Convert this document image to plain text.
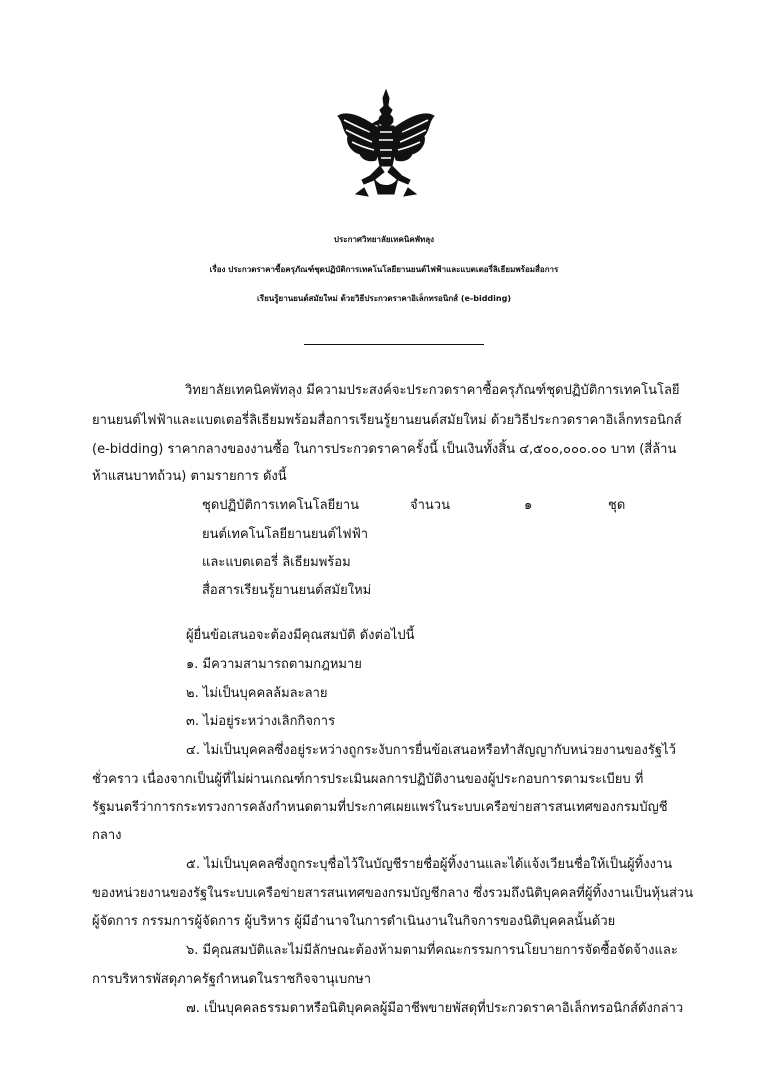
ประกาศวิทยาลัยเทคนิคพัทลุง
เรื่อง ประกวดราคาซื้อครุภัณฑ์ชุดปฏิบัติการเทคโนโลยียานยนต์ไฟฟ้าและแบตเตอรี่ลิเธียมพร้อมสื่อการ
เรียนรู้ยานยนต์สมัยใหม่ ด้วยวิธีประกวดราคาอิเล็กทรอนิกส์ (e-bidding)
วิทยาลัยเทคนิคพัทลุง มีความประสงค์จะประกวดราคาซื้อครุภัณฑ์ชุดปฏิบัติการเทคโนโลยี
ยานยนต์ไฟฟ้าและแบตเตอรี่ลิเธียมพร้อมสื่อการเรียนรู้ยานยนต์สมัยใหม่ ด้วยวิธีประกวดราคาอิเล็กทรอนิกส์
(e-bidding) ราคากลางของงานซื้อ ในการประกวดราคาครั้งนี้ เป็นเงินทั้งสิ้น ๔,๕๐๐,๐๐๐.๐๐ บาท (สี่ล้าน
ห้าแสนบาทถ้วน) ตามรายการ ดังนี้
ชุดปฏิบัติการเทคโนโลยียาน
ยนต์เทคโนโลยียานยนต์ไฟฟ้า
และแบตเตอรี่ ลิเธียมพร้อม
สื่อสารเรียนรู้ยานยนต์สมัยใหม่
จำนวน	๑	ชุด
ผู้ยื่นข้อเสนอจะต้องมีคุณสมบัติ ดังต่อไปนี้
๑. มีความสามารถตามกฎหมาย
๒. ไม่เป็นบุคคลล้มละลาย
๓. ไม่อยู่ระหว่างเลิกกิจการ
๔. ไม่เป็นบุคคลซึ่งอยู่ระหว่างถูกระงับการยื่นข้อเสนอหรือทำสัญญากับหน่วยงานของรัฐไว้
ชั่วคราว เนื่องจากเป็นผู้ที่ไม่ผ่านเกณฑ์การประเมินผลการปฏิบัติงานของผู้ประกอบการตามระเบียบ ที่
รัฐมนตรีว่าการกระทรวงการคลังกำหนดตามที่ประกาศเผยแพร่ในระบบเครือข่ายสารสนเทศของกรมบัญชี
กลาง
๕. ไม่เป็นบุคคลซึ่งถูกระบุชื่อไว้ในบัญชีรายชื่อผู้ทิ้งงานและได้แจ้งเวียนชื่อให้เป็นผู้ทิ้งงาน
ของหน่วยงานของรัฐในระบบเครือข่ายสารสนเทศของกรมบัญชีกลาง ซึ่งรวมถึงนิติบุคคลที่ผู้ทิ้งงานเป็นหุ้นส่วน
ผู้จัดการ กรรมการผู้จัดการ ผู้บริหาร ผู้มีอำนาจในการดำเนินงานในกิจการของนิติบุคคลนั้นด้วย
๖. มีคุณสมบัติและไม่มีลักษณะต้องห้ามตามที่คณะกรรมการนโยบายการจัดซื้อจัดจ้างและ
การบริหารพัสดุภาครัฐกำหนดในราชกิจจานุเบกษา
๗. เป็นบุคคลธรรมดาหรือนิติบุคคลผู้มีอาชีพขายพัสดุที่ประกวดราคาอิเล็กทรอนิกส์ดังกล่าว
